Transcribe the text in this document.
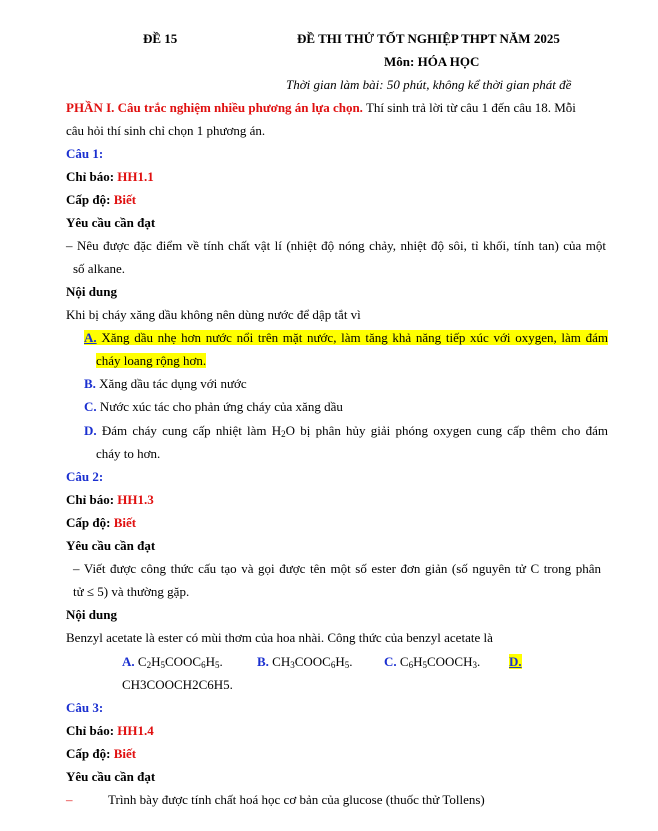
ĐỀ 15	ĐỀ THI THỬ TỐT NGHIỆP THPT NĂM 2025
Môn: HÓA HỌC
Thời gian làm bài: 50 phút, không kể thời gian phát đề
PHẦN I. Câu trắc nghiệm nhiều phương án lựa chọn. Thí sinh trả lời từ câu 1 đến câu 18. Mỗi
câu hỏi thí sinh chỉ chọn 1 phương án.
Câu 1:
Chỉ báo: HH1.1
Cấp độ: Biết
Yêu cầu cần đạt
– Nêu được đặc điểm về tính chất vật lí (nhiệt độ nóng chảy, nhiệt độ sôi, tỉ khối, tính tan) của một
số alkane.
Nội dung
Khi bị cháy xăng dầu không nên dùng nước để dập tắt vì
A. Xăng dầu nhẹ hơn nước nổi trên mặt nước, làm tăng khả năng tiếp xúc với oxygen, làm đám
cháy loang rộng hơn.
B. Xăng dầu tác dụng với nước
C. Nước xúc tác cho phản ứng cháy của xăng dầu
D. Đám cháy cung cấp nhiệt làm $H_2O$ bị phân hủy giải phóng oxygen cung cấp thêm cho đám
cháy to hơn.
Câu 2:
Chỉ báo: HH1.3
Cấp độ: Biết
Yêu cầu cần đạt
– Viết được công thức cấu tạo và gọi được tên một số ester đơn giản (số nguyên tử C trong phân
tử ≤ 5) và thường gặp.
Nội dung
Benzyl acetate là ester có mùi thơm của hoa nhài. Công thức của benzyl acetate là
A. $C_2H_5COOC_6H_5$.	B. $CH_3COOC_6H_5$. C. $C_6H_5COOCH_3$. D.
CH3COOCH2C6H5.
Câu 3:
Chỉ báo: HH1.4
Cấp độ: Biết
Yêu cầu cần đạt
–	Trình bày được tính chất hoá học cơ bản của glucose (thuốc thử Tollens)
